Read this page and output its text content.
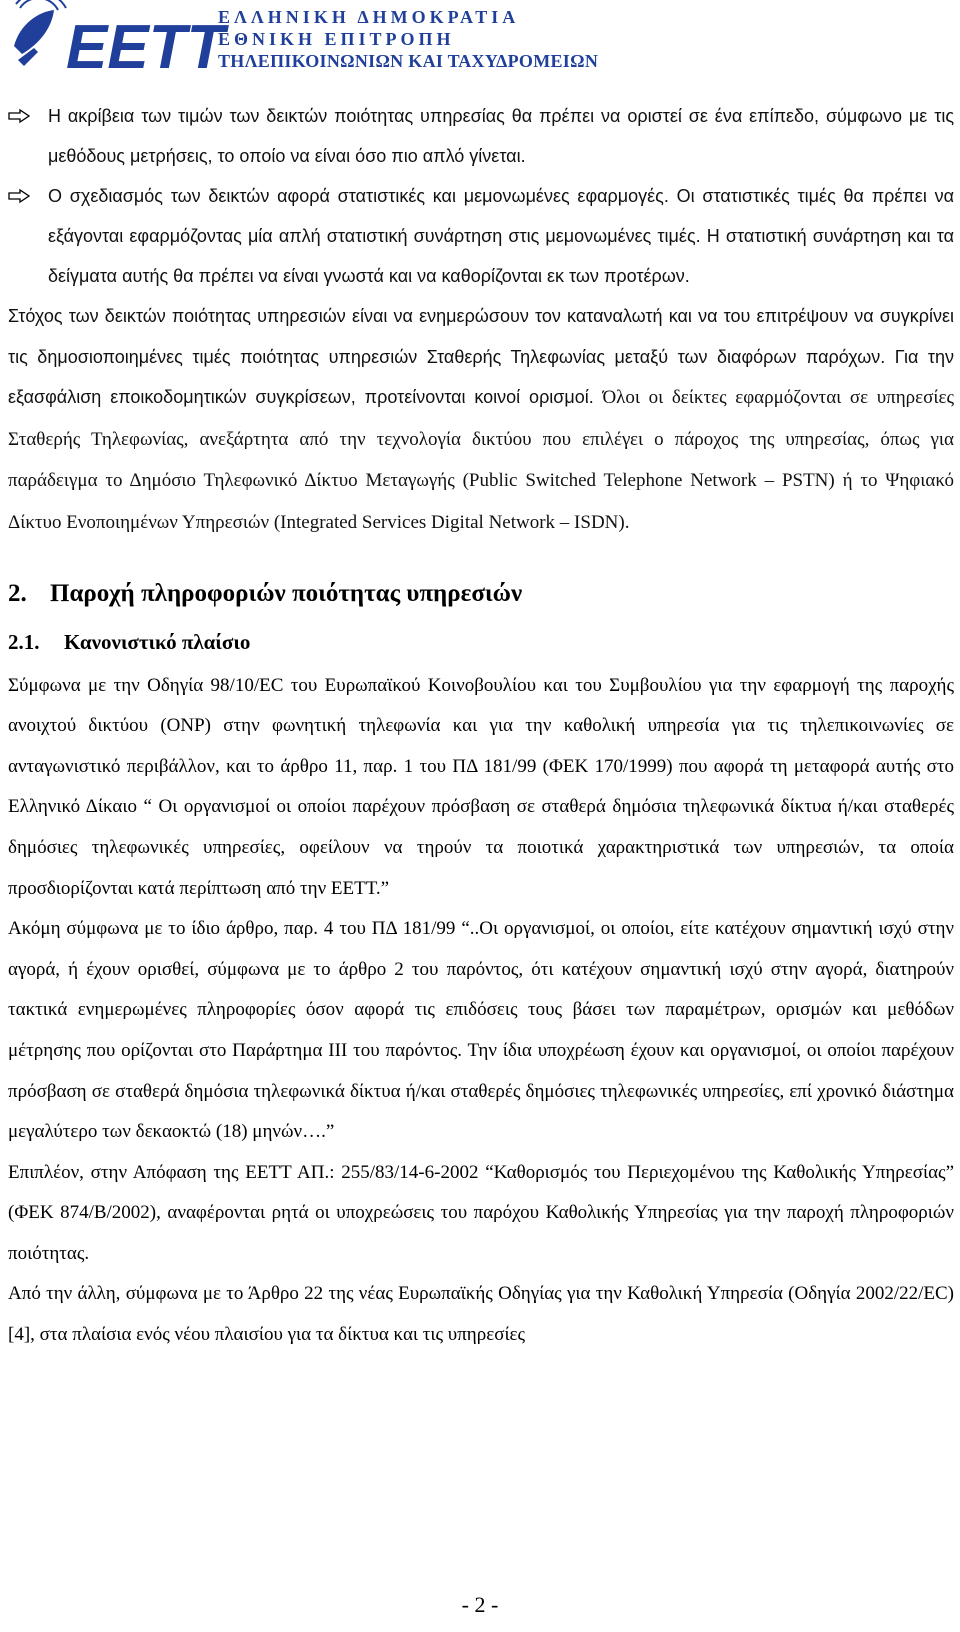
ΕΕΤΤ
ΕΛΛΗΝΙΚΗ ΔΗΜΟΚΡΑΤΙΑ
ΕΘΝΙΚΗ ΕΠΙΤΡΟΠΗ
ΤΗΛΕΠΙΚΟΙΝΩΝΙΩΝ ΚΑΙ ΤΑΧΥΔΡΟΜΕΙΩΝ

Η ακρίβεια των τιμών των δεικτών ποιότητας υπηρεσίας θα πρέπει να οριστεί σε ένα επίπεδο, σύμφωνο με τις μεθόδους μετρήσεις, το οποίο να είναι όσο πιο απλό γίνεται.

Ο σχεδιασμός των δεικτών αφορά στατιστικές και μεμονωμένες εφαρμογές. Οι στατιστικές τιμές θα πρέπει να εξάγονται εφαρμόζοντας μία απλή στατιστική συνάρτηση στις μεμονωμένες τιμές. Η στατιστική συνάρτηση και τα δείγματα αυτής θα πρέπει να είναι γνωστά και να καθορίζονται εκ των προτέρων.

Στόχος των δεικτών ποιότητας υπηρεσιών είναι να ενημερώσουν τον καταναλωτή και να του επιτρέψουν να συγκρίνει τις δημοσιοποιημένες τιμές ποιότητας υπηρεσιών Σταθερής Τηλεφωνίας μεταξύ των διαφόρων παρόχων. Για την εξασφάλιση εποικοδομητικών συγκρίσεων, προτείνονται κοινοί ορισμοί. Όλοι οι δείκτες εφαρμόζονται σε υπηρεσίες Σταθερής Τηλεφωνίας, ανεξάρτητα από την τεχνολογία δικτύου που επιλέγει ο πάροχος της υπηρεσίας, όπως για παράδειγμα το Δημόσιο Τηλεφωνικό Δίκτυο Μεταγωγής (Public Switched Telephone Network – PSTN) ή το Ψηφιακό Δίκτυο Ενοποιημένων Υπηρεσιών (Integrated Services Digital Network – ISDN).

2. Παροχή πληροφοριών ποιότητας υπηρεσιών
2.1. Κανονιστικό πλαίσιο

Σύμφωνα με την Οδηγία 98/10/EC του Ευρωπαϊκού Κοινοβουλίου και του Συμβουλίου για την εφαρμογή της παροχής ανοιχτού δικτύου (ONP) στην φωνητική τηλεφωνία και για την καθολική υπηρεσία για τις τηλεπικοινωνίες σε ανταγωνιστικό περιβάλλον, και το άρθρο 11, παρ. 1 του ΠΔ 181/99 (ΦΕΚ 170/1999) που αφορά τη μεταφορά αυτής στο Ελληνικό Δίκαιο “ Οι οργανισμοί οι οποίοι παρέχουν πρόσβαση σε σταθερά δημόσια τηλεφωνικά δίκτυα ή/και σταθερές δημόσιες τηλεφωνικές υπηρεσίες, οφείλουν να τηρούν τα ποιοτικά χαρακτηριστικά των υπηρεσιών, τα οποία προσδιορίζονται κατά περίπτωση από την ΕΕΤΤ.”

Ακόμη σύμφωνα με το ίδιο άρθρο, παρ. 4 του ΠΔ 181/99 “..Οι οργανισμοί, οι οποίοι, είτε κατέχουν σημαντική ισχύ στην αγορά, ή έχουν ορισθεί, σύμφωνα με το άρθρο 2 του παρόντος, ότι κατέχουν σημαντική ισχύ στην αγορά, διατηρούν τακτικά ενημερωμένες πληροφορίες όσον αφορά τις επιδόσεις τους βάσει των παραμέτρων, ορισμών και μεθόδων μέτρησης που ορίζονται στο Παράρτημα ΙΙΙ του παρόντος. Την ίδια υποχρέωση έχουν και οργανισμοί, οι οποίοι παρέχουν πρόσβαση σε σταθερά δημόσια τηλεφωνικά δίκτυα ή/και σταθερές δημόσιες τηλεφωνικές υπηρεσίες, επί χρονικό διάστημα μεγαλύτερο των δεκαοκτώ (18) μηνών….”

Επιπλέον, στην Απόφαση της ΕΕΤΤ ΑΠ.: 255/83/14-6-2002 “Καθορισμός του Περιεχομένου της Καθολικής Υπηρεσίας” (ΦΕΚ 874/Β/2002), αναφέρονται ρητά οι υποχρεώσεις του παρόχου Καθολικής Υπηρεσίας για την παροχή πληροφοριών ποιότητας.

Από την άλλη, σύμφωνα με το Άρθρο 22 της νέας Ευρωπαϊκής Οδηγίας για την Καθολική Υπηρεσία (Οδηγία 2002/22/EC)[4], στα πλαίσια ενός νέου πλαισίου για τα δίκτυα και τις υπηρεσίες

- 2 -
